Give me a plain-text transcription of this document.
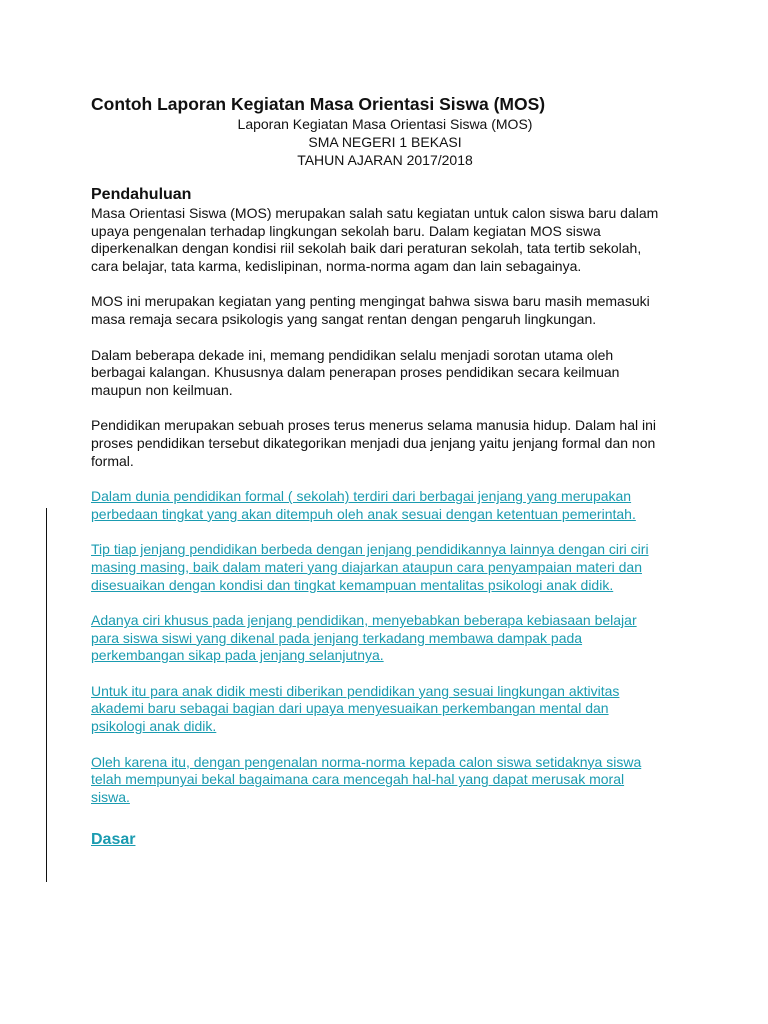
Contoh Laporan Kegiatan Masa Orientasi Siswa (MOS)
Laporan Kegiatan Masa Orientasi Siswa (MOS)
SMA NEGERI 1 BEKASI
TAHUN AJARAN 2017/2018
Pendahuluan
Masa Orientasi Siswa (MOS) merupakan salah satu kegiatan untuk calon siswa baru dalam
upaya pengenalan terhadap lingkungan sekolah baru. Dalam kegiatan MOS siswa
diperkenalkan dengan kondisi riil sekolah baik dari peraturan sekolah, tata tertib sekolah,
cara belajar, tata karma, kedislipinan, norma-norma agam dan lain sebagainya.
MOS ini merupakan kegiatan yang penting mengingat bahwa siswa baru masih memasuki
masa remaja secara psikologis yang sangat rentan dengan pengaruh lingkungan.
Dalam beberapa dekade ini, memang pendidikan selalu menjadi sorotan utama oleh
berbagai kalangan. Khususnya dalam penerapan proses pendidikan secara keilmuan
maupun non keilmuan.
Pendidikan merupakan sebuah proses terus menerus selama manusia hidup. Dalam hal ini
proses pendidikan tersebut dikategorikan menjadi dua jenjang yaitu jenjang formal dan non
formal.
Dalam dunia pendidikan formal ( sekolah) terdiri dari berbagai jenjang yang merupakan
perbedaan tingkat yang akan ditempuh oleh anak sesuai dengan ketentuan pemerintah.
Tip tiap jenjang pendidikan berbeda dengan jenjang pendidikannya lainnya dengan ciri ciri
masing masing, baik dalam materi yang diajarkan ataupun cara penyampaian materi dan
disesuaikan dengan kondisi dan tingkat kemampuan mentalitas psikologi anak didik.
Adanya ciri khusus pada jenjang pendidikan, menyebabkan beberapa kebiasaan belajar
para siswa siswi yang dikenal pada jenjang terkadang membawa dampak pada
perkembangan sikap pada jenjang selanjutnya.
Untuk itu para anak didik mesti diberikan pendidikan yang sesuai lingkungan aktivitas
akademi baru sebagai bagian dari upaya menyesuaikan perkembangan mental dan
psikologi anak didik.
Oleh karena itu, dengan pengenalan norma-norma kepada calon siswa setidaknya siswa
telah mempunyai bekal bagaimana cara mencegah hal-hal yang dapat merusak moral
siswa.
Dasar
